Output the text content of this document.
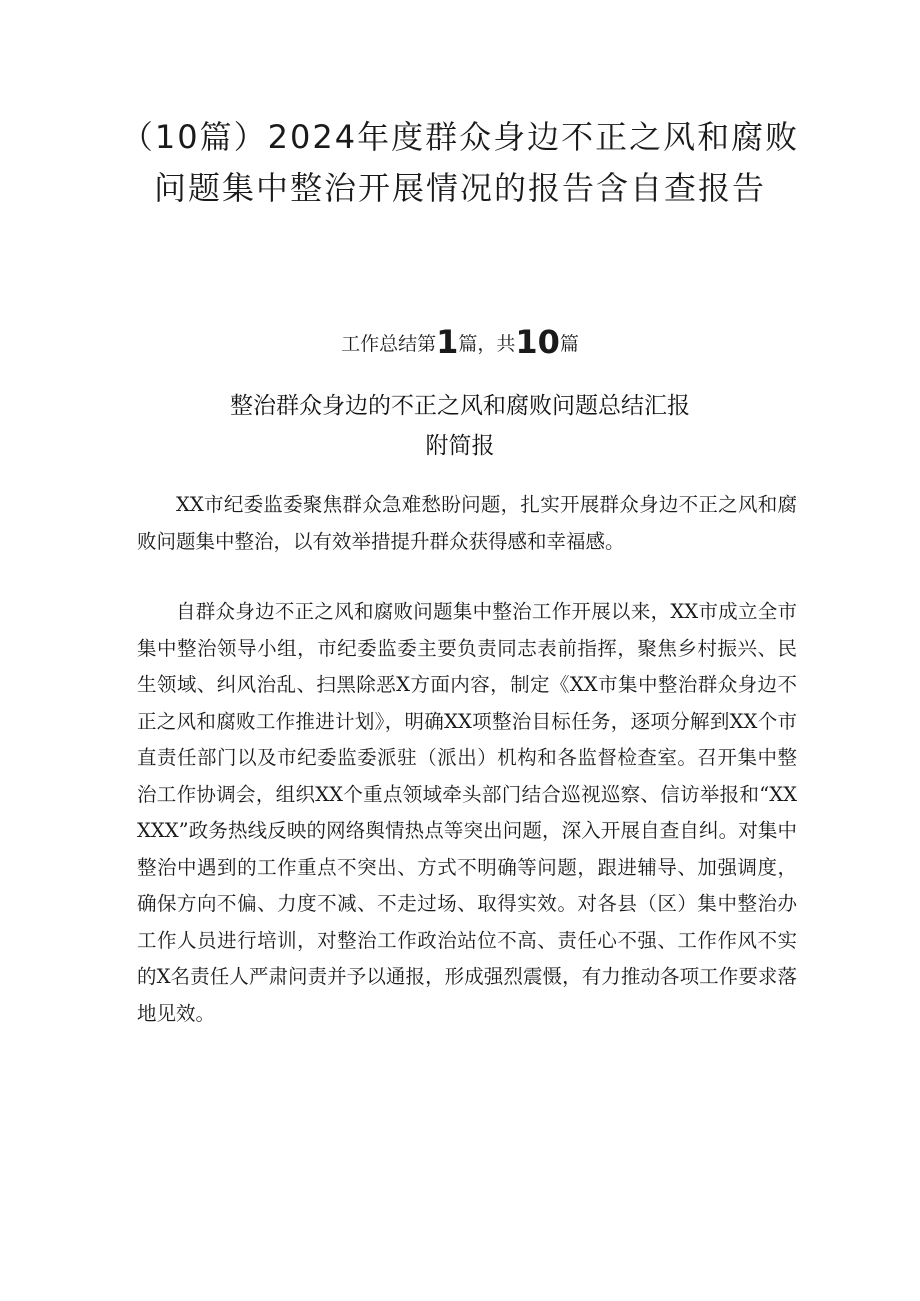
（10篇）2024年度群众身边不正之风和腐败问题集中整治开展情况的报告含自查报告

工作总结第1篇，共10篇

整治群众身边的不正之风和腐败问题总结汇报
附简报

XX市纪委监委聚焦群众急难愁盼问题，扎实开展群众身边不正之风和腐败问题集中整治，以有效举措提升群众获得感和幸福感。

自群众身边不正之风和腐败问题集中整治工作开展以来，XX市成立全市集中整治领导小组，市纪委监委主要负责同志表前指挥，聚焦乡村振兴、民生领域、纠风治乱、扫黑除恶X方面内容，制定《XX市集中整治群众身边不正之风和腐败工作推进计划》，明确XX项整治目标任务，逐项分解到XX个市直责任部门以及市纪委监委派驻（派出）机构和各监督检查室。召开集中整治工作协调会，组织XX个重点领域牵头部门结合巡视巡察、信访举报和“XXXXX”政务热线反映的网络舆情热点等突出问题，深入开展自查自纠。对集中整治中遇到的工作重点不突出、方式不明确等问题，跟进辅导、加强调度，确保方向不偏、力度不减、不走过场、取得实效。对各县（区）集中整治办工作人员进行培训，对整治工作政治站位不高、责任心不强、工作作风不实的X名责任人严肃问责并予以通报，形成强烈震慑，有力推动各项工作要求落地见效。
